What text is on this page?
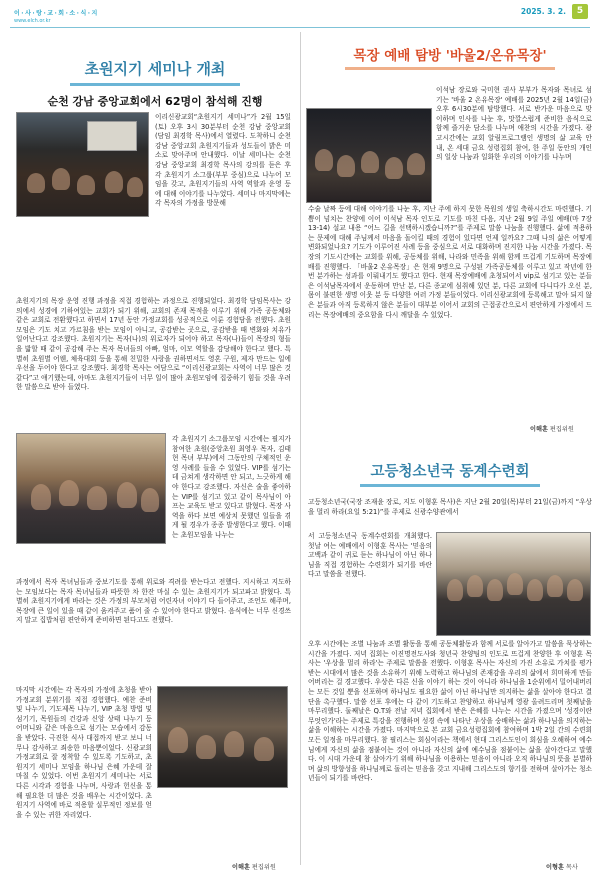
이·사·랑·교·회·소·식·지
www.elch.or.kr
2025. 3. 2.	5
초원지기 세미나 개최
순천 강남 중앙교회에서 62명이 참석해 진행
이리신광교회“초원지기 세미나”가 2월 15일(토) 오후 3시 30분부터 순천 강남 중앙교회(담임 최경학 목사)에서 열렸다. 도착하니 순천 강남 중앙교회 초원지기들과 성도들이 밝은 미소로 맞아주며 안내했다. 이날 세미나는 순천 강남 중앙교회 최경학 목사의 강의를 듣은 후 각 초원지기 소그룹(부부 중심)으로 나누어 모임을 갖고, 초원지기들의 사역 역할과 운영 등에 대해 이야기를 나누었다. 세미나 마지막에는 각 목자의 가정을 방문해
초원지기의 목장 운영 진행 과정을 직접 경험하는 과정으로 진행되었다. 최경학 담임목사는 강의에서 성경에 기하여있는 교회가 되기 위해, 교회의 존재 목적을 이루기 위해 가족 공동체와 같은 교회로 전환했다고 하면서 17년 동안 가정교회를 성공적으로 이룬 경험담을 전했다. 초원모임은 기도 치고 가르침을 받는 모임이 아니고, 공감받는 곳으로, 공감받을 때 변화와 치유가 일어난다고 강조했다. 초원지기는 목자(나)의 위로자가 되어야 하고 목자(나)들이 목장의 형들을 밟할 때 같이 공감해 주는 목자 목녀들의 아빠, 엄마, 이모 역할을 감당해야 한다고 했다. 특별히 초원별 어웬, 체육대회 등을 통해 친밀한 사랑을 권하면서도 영혼 구원, 제자 만드는 일에 우선을 두어야 한다고 강조했다. 최경학 목사는 여담으로 “이리신광교회는 사역이 너무 많은 것 같다”고 얘기했는데, 아마도 초원지기들이 너무 일이 많아 초원모임에 집중하기 힘들 것을 우려한 말씀으로 받아 들였다.
각 초원지기 소그룹모임 시간에는 필지가 참여한 초원(중앙초원 최영우 목자, 김태현 목녀 부부)에서 그동안의 구체적인 운영 사례를 들을 수 있었다. VIP를 섬기는 데 금쳐게 생각하면 안 되고, 느긋하게 해야 한다고 강조했다. 자신은 술을 좋아하는 VIP를 섬기고 있고 같이 목사님이 아프는 교육도 받고 있다고 밝혔다. 목장 사역을 하다 보면 예상치 못했던 일들을 겪게 될 경우가 종종 발생한다고 했다. 이때는 초원모임을 나누는
과정에서 목자 목녀님들과 중보기도를 통해 위로와 격려를 받는다고 전했다. 지시하고 지도하는 모임보다는 목자 목녀님들과 따뜻한 차 한잔 마실 수 있는 초원지기가 되고파고 밝혔다. 특별히 초원지기에게 바라는 것은 가정의 부모처럼 어린자녀 이야기 다 들어주고, 조언도 해주며, 목장에 큰 일이 있을 때 같이 움켜주고 품어 줄 수 있어야 한다고 밝혔다. 음식에는 너무 신경쓰지 말고 집밥처럼 편안하게 준비하면 된다고도 전했다.
마지막 시간에는 각 목자의 가정에 초청을 받아 가정교회 분위기를 직접 경험했다. 예찬 준비 및 나누기, 기도제목 나누기, VIP 초청 방법 및 섬기기, 목원들의 건강과 신앙 상태 나누기 등 어머니와 같은 마음으로 섬기는 모습에서 감동을 받았다. 극진한 식사 대접까지 받고 보니 너무나 감사하고 죄송한 마음뿐이었다. 신광교회 가정교회로 잘 정착할 수 있도록 기도하고, 초원지기 세미나 모임을 하나님 은혜 가운데 잘 마칠 수 있었다. 이번 초원지기 세미나는 서로 다른 시각과 경험을 나누며, 사랑과 헌신을 통해 필요한 더 많은 것을 배우는 시간이었다. 초원지기 사역에 바로 적용할 실무적인 정보를 얻을 수 있는 귀한 자리였다.
이해훈 편집위원
목장 예배 탐방 '바울2/온유목장'
이석남 장로와 국미현 권사 부부가 목자와 목녀로 섬기는 '바울 2 온유목장' 예배를 2025년 2월 14일(금) 오후 6시30분에 탐방했다. 서로 반가운 마음으로 맞이하며 인사를 나눈 후, 맛깔스럽게 준비한 음식으로 함께 즐거운 담소를 나누며 애찬의 시간을 가졌다. 광고시간에는 교회 알림프로그램인 생명의 삶 교육 안내, 온 세대 금요 성령집회 참여, 한 주일 동안의 개인의 일상 나눔과 일화한 우리의 이야기를 나누며
수술 날짜 등에 대해 이야기를 나눈 후, 지난 주에 하지 못한 목원의 생일 축하시간도 마련했다. 기쁨이 넘치는 찬양에 이어 이석남 목자 인도로 기도를 마친 다음, 지난 2월 9일 주일 예배(마 7장 13-14) 설교 내용 “어느 길을 선택하시겠습니까?”를 주제로 말씀 나눔을 진행했다. 삶에 적용하는 문제에 대해 주님께서 마음을 돌이킬 때의 경험이 있다면 언제 일까요? 그때 나의 삶은 어떻게 변화되었나요? 기도가 이루어진 사례 등을 중심으로 서로 대화하며 진지한 나눔 시간을 가졌다. 목장의 기도시간에는 교회를 위해, 공동체를 위해, 나라와 민족을 위해 함께 뜨겁게 기도하며 목장예배를 진행했다. 「바울2 온유목장」은 현재 9명으로 구성된 가족공동체를 이루고 있고 작년에 한 번 분가하는 성과를 이뤄내기도 했다고 한다. 현재 목장예배에 초청되어서 vip로 섬기고 있는 분들은 이석남목자에서 운동하며 만난 분, 다른 종교에 심취해 있던 분, 다른 교회에 다니다가 오신 분, 몸이 불편한 생명 이웃 분 등 다양한 여러 가정 분들이었다. 이리신광교회에 등록해고 말아 되지 않은 분들과 아직 등록하지 않은 분들이 대부분 이어서 교회의 근접공간으로서 편안하게 가정에서 드리는 목장예배의 중요함을 다시 깨달을 수 있었다.
이해훈 편집위원
고등청소년국 동계수련회
고등청소년국(국장 조재윤 장로, 지도 이형훈 목사)은 지난 2월 20일(목)부터 21일(금)까지 “우상을 멀리 하라(요일 5:21)”를 주제로 신광수양관에서
서 고등청소년국 동계수련회를 개최했다. 첫날 여는 예배에서 이형훈 목사는 '믿음의 고백과 같이 귀로 듣는 하나님이 아닌 하나님을 직접 경험하는 수련회가 되기를 바란다고 말씀을 전했다.
오후 시간에는 조별 나눔과 조별 활동을 통해 공동체활동과 함께 서로를 알아가고 말씀을 묵상하는 시간을 가졌다. 저녁 집회는 이진명전도사와 청년국 찬양팀의 인도로 뜨겁게 찬양한 후 이형훈 목사는 '우상을 멀리 하라'는 주제로 말씀을 전했다. 이형훈 목사는 자신의 가진 소유로 가치를 평가받는 시대에서 많은 것을 소유하기 위해 노력하고 하나님의 존재감을 우리의 삶에서 희미하게 만들어버리는 걸 경고했다. 우상은 다른 신을 이야기 하는 것이 아니라 하나님을 1순위에서 밀어내버리는 모든 것일 뿐을 선포하며 하나님도 필요한 삶이 아닌 하나님만 의지하는 삶을 살아야 한다고 결단을 촉구했다. 말씀 선포 후에는 다 같이 기도하고 찬양하고 하나님께 영광 올려드리며 첫째날을 마무리했다. 둘째날은 Q.T와 전날 저녁 집회에서 받은 은혜를 나누는 시간을 가졌으며 '성경이란 무엇인가'라는 주제로 특강을 진행하며 성경 속에 나타난 우상을 숭배하는 삶과 하나님을 의지하는 삶을 이해하는 시간을 가졌다. 마지막으로 본 교회 금요성령집회에 참여하며 1박 2일 간의 수련회 모든 일정을 마무리했다. 참 필리스는 회심이라는 책에서 현대 그리스도인이 회심을 오해하여 예수님에게 자신의 삶을 점붙이는 것이 아니라 자신의 삶에 예수님을 점붙이는 삶을 살아간다고 말했다. 이 시대 가운데 참 살아가기 위해 하나님을 이용하는 믿음이 아니라 오직 하나님의 뜻을 분별하며 삶의 방향성을 하나님께로 돌리는 믿음을 갖고 지내해 그리스도의 향기를 전하며 살아가는 청소년들이 되기를 바란다.
이형훈 목사
